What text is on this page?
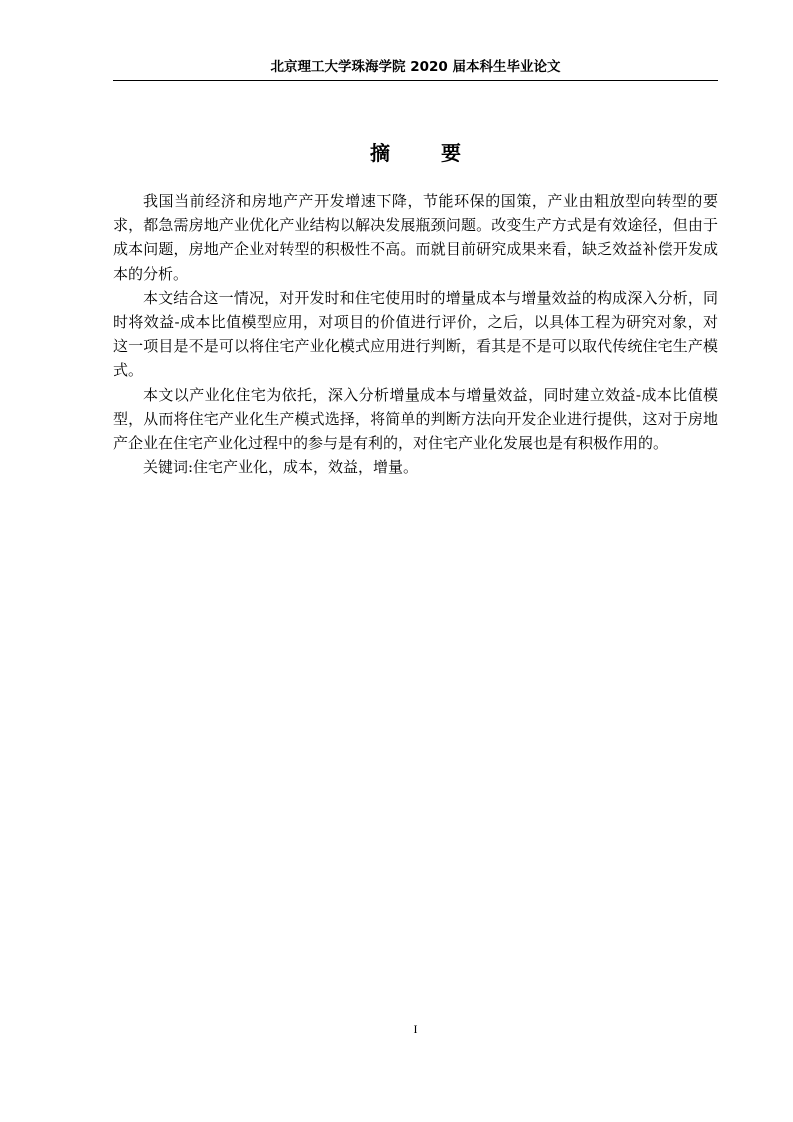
北京理工大学珠海学院 2020 届本科生毕业论文
摘 要

我国当前经济和房地产产开发增速下降，节能环保的国策，产业由粗放型向转型的要求，都急需房地产业优化产业结构以解决发展瓶颈问题。改变生产方式是有效途径，但由于成本问题，房地产企业对转型的积极性不高。而就目前研究成果来看，缺乏效益补偿开发成本的分析。

本文结合这一情况，对开发时和住宅使用时的增量成本与增量效益的构成深入分析，同时将效益-成本比值模型应用，对项目的价值进行评价，之后，以具体工程为研究对象，对这一项目是不是可以将住宅产业化模式应用进行判断，看其是不是可以取代传统住宅生产模式。

本文以产业化住宅为依托，深入分析增量成本与增量效益，同时建立效益-成本比值模型，从而将住宅产业化生产模式选择，将简单的判断方法向开发企业进行提供，这对于房地产企业在住宅产业化过程中的参与是有利的，对住宅产业化发展也是有积极作用的。

关键词:住宅产业化，成本，效益，增量。

I
